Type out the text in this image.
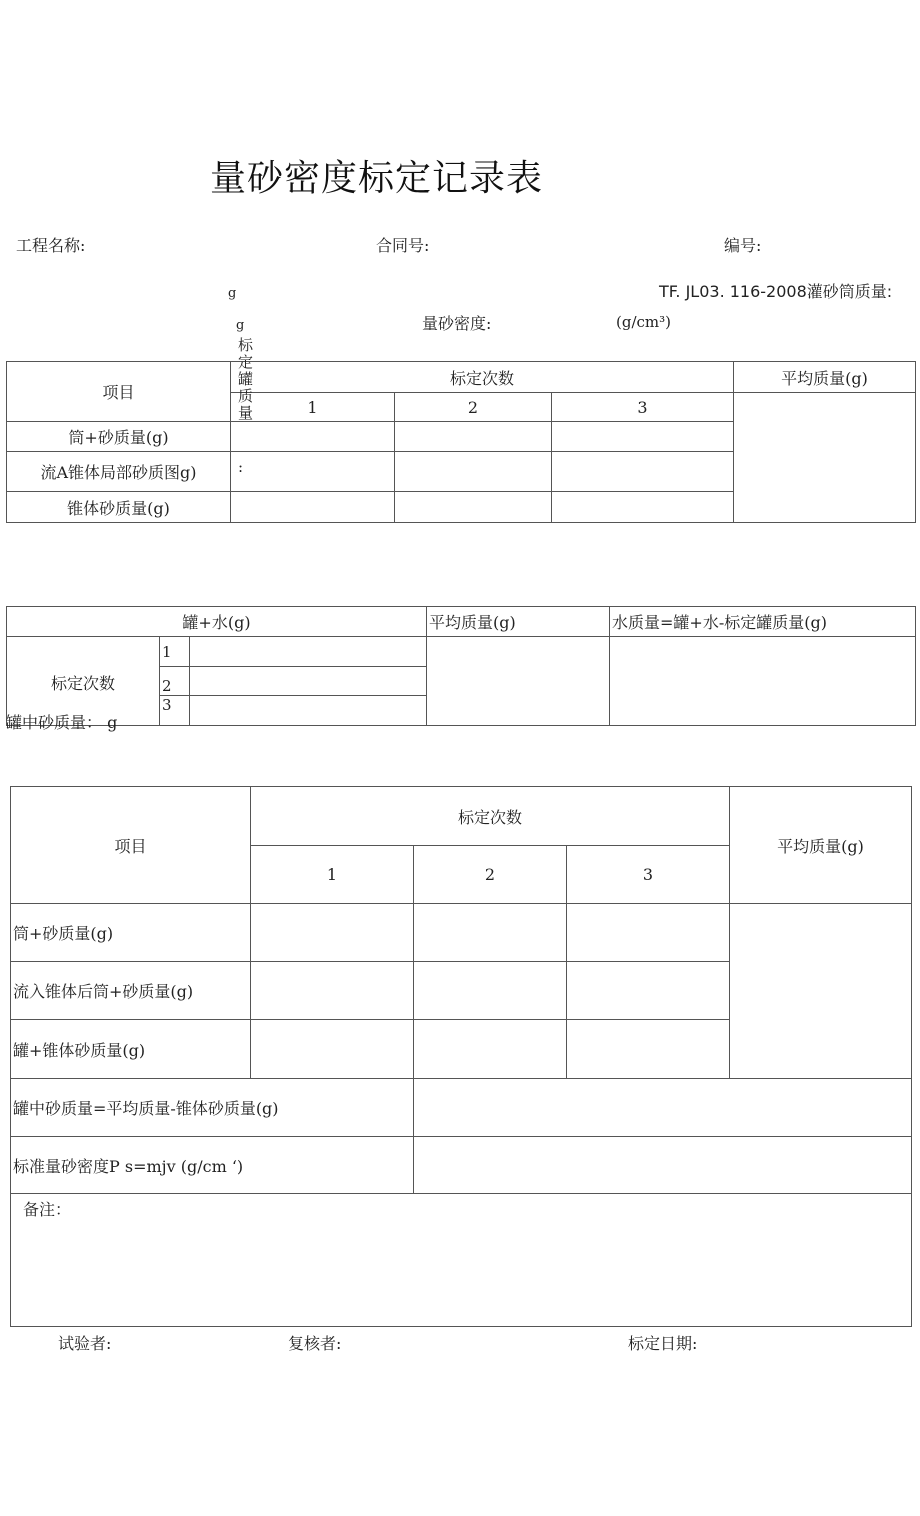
量砂密度标定记录表
工程名称:	合同号:	编号:
TF. JL03. 116-2008灌砂筒质量:
g
g	量砂密度:	(g/cm³)
项目	标定次数			平均质量(g)
	1	2	3	
筒+砂质量(g)				
流A锥体局部砂质图g)				
锥体砂质量(g)				
标定罐质量
:
罐+水(g)			平均质量(g)	水质量=罐+水-标定罐质量(g)
标定次数	1			
	2			
	3			
罐中砂质量： g
项目	标定次数			平均质量(g)
	1	2	3	
筒+砂质量(g)				
流入锥体后筒+砂质量(g)				
罐+锥体砂质量(g)				
罐中砂质量=平均质量-锥体砂质量(g)				
标准量砂密度P s=mjv (g/cm ‘)				
备注：				
试验者:	复核者:	标定日期:
